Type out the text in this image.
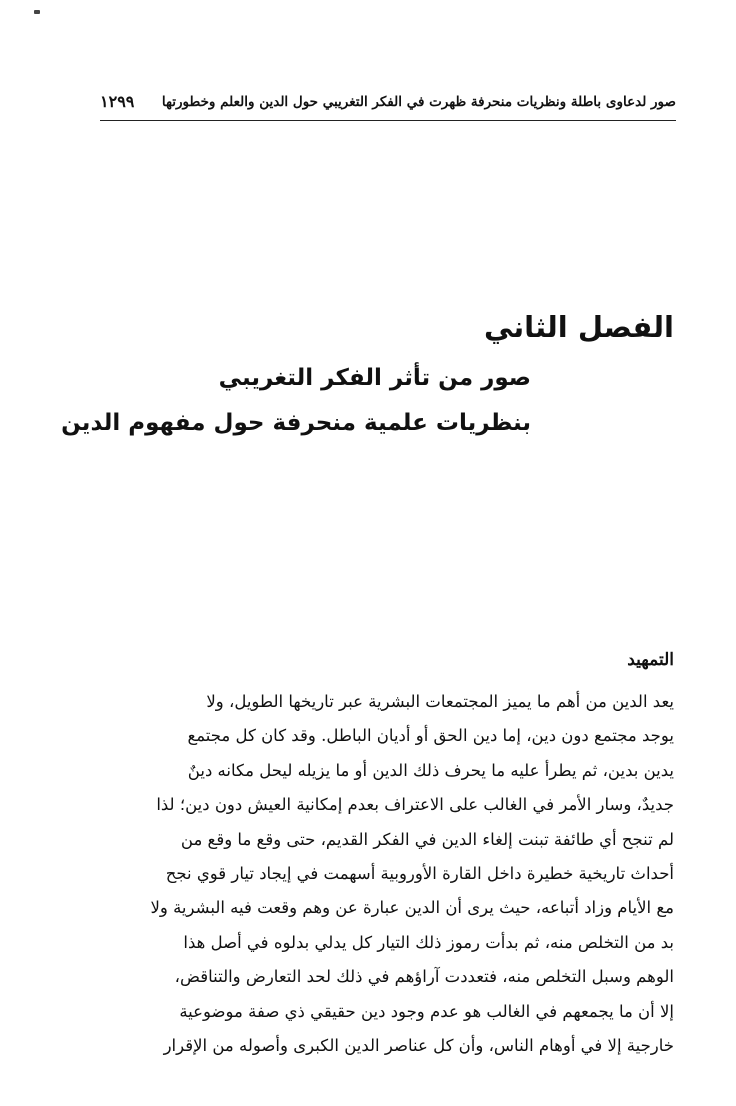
صور لدعاوى باطلة ونظريات منحرفة ظهرت في الفكر التغريبي حول الدين والعلم وخطورتها
١٢٩٩
الفصل الثاني
صور من تأثر الفكر التغريبي
بنظريات علمية منحرفة حول مفهوم الدين
التمهيد
يعد الدين من أهم ما يميز المجتمعات البشرية عبر تاريخها الطويل، ولا
يوجد مجتمع دون دين، إما دين الحق أو أديان الباطل. وقد كان كل مجتمع
يدين بدين، ثم يطرأ عليه ما يحرف ذلك الدين أو ما يزيله ليحل مكانه دينٌ
جديدٌ، وسار الأمر في الغالب على الاعتراف بعدم إمكانية العيش دون دين؛ لذا
لم تنجح أي طائفة تبنت إلغاء الدين في الفكر القديم، حتى وقع ما وقع من
أحداث تاريخية خطيرة داخل القارة الأوروبية أسهمت في إيجاد تيار قوي نجح
مع الأيام وزاد أتباعه، حيث يرى أن الدين عبارة عن وهم وقعت فيه البشرية ولا
بد من التخلص منه، ثم بدأت رموز ذلك التيار كل يدلي بدلوه في أصل هذا
الوهم وسبل التخلص منه، فتعددت آراؤهم في ذلك لحد التعارض والتناقض،
إلا أن ما يجمعهم في الغالب هو عدم وجود دين حقيقي ذي صفة موضوعية
خارجية إلا في أوهام الناس، وأن كل عناصر الدين الكبرى وأصوله من الإقرار
